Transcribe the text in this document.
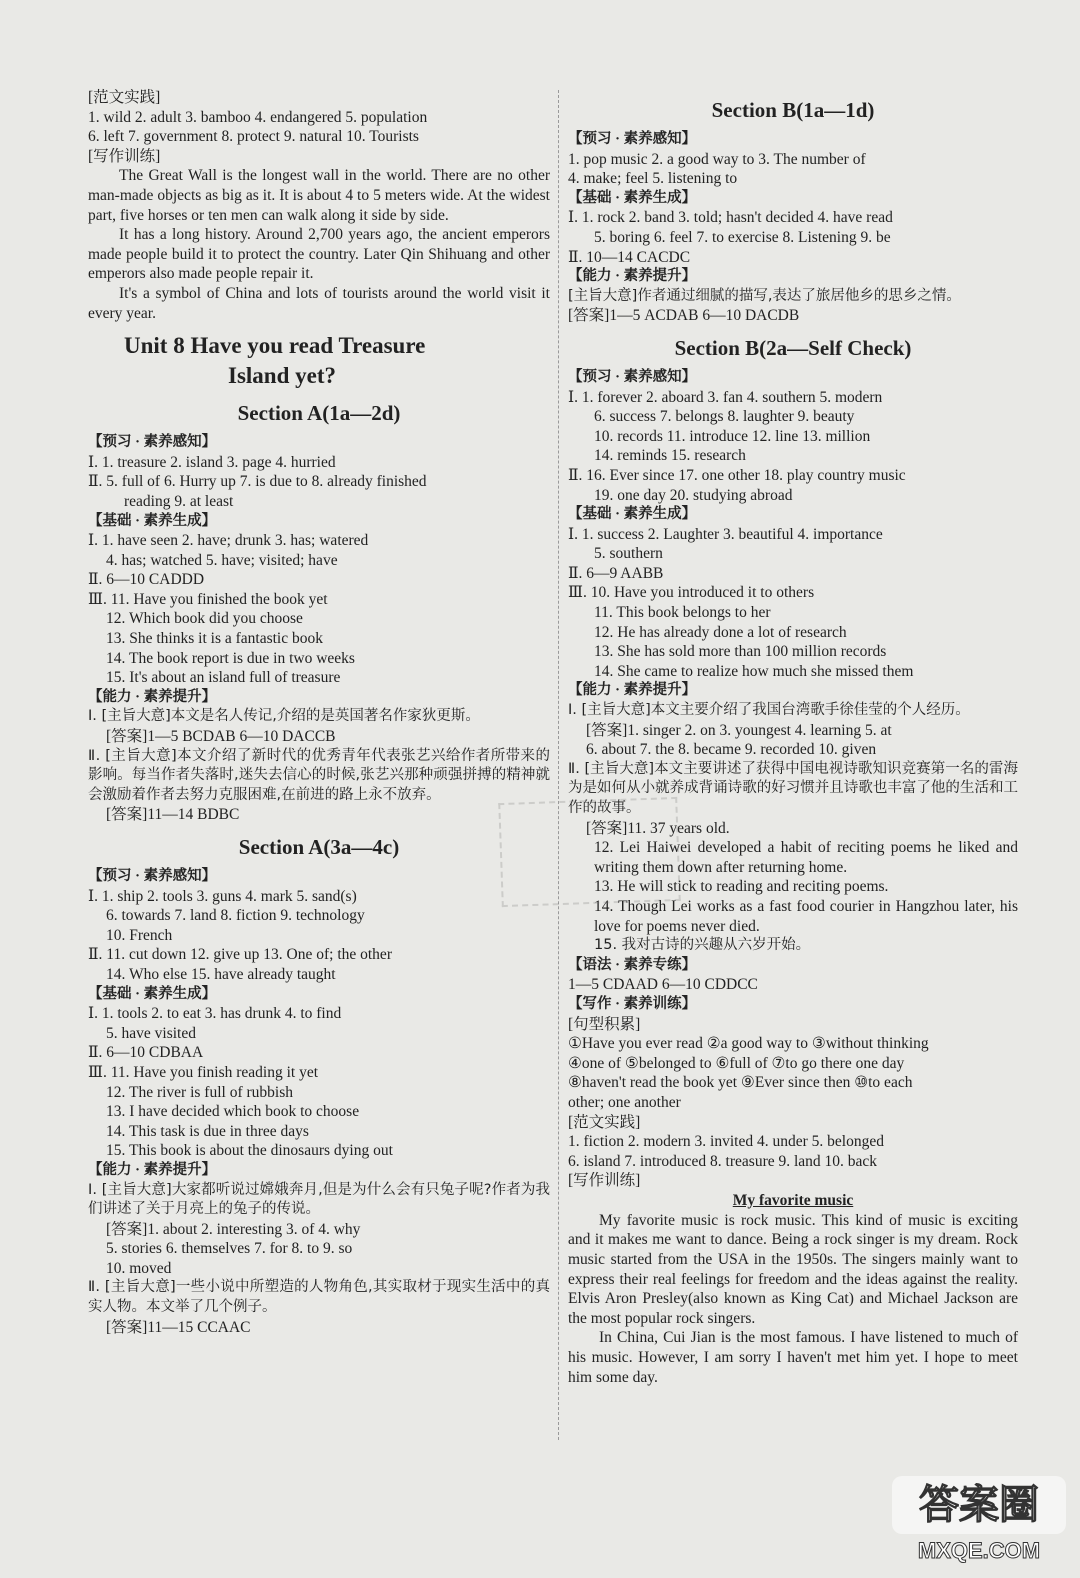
[范文实践]
1. wild 2. adult 3. bamboo 4. endangered 5. population
6. left 7. government 8. protect 9. natural 10. Tourists
[写作训练]
The Great Wall is the longest wall in the world. There are no other man-made objects as big as it. It is about 4 to 5 meters wide. At the widest part, five horses or ten men can walk along it side by side.
It has a long history. Around 2,700 years ago, the ancient emperors made people build it to protect the country. Later Qin Shihuang and other emperors also made people repair it.
It's a symbol of China and lots of tourists around the world visit it every year.
Unit 8 Have you read Treasure
Island yet?
Section A(1a—2d)
【预习 · 素养感知】
Ⅰ. 1. treasure 2. island 3. page 4. hurried
Ⅱ. 5. full of 6. Hurry up 7. is due to 8. already finished
reading 9. at least
【基础 · 素养生成】
Ⅰ. 1. have seen 2. have; drunk 3. has; watered
4. has; watched 5. have; visited; have
Ⅱ. 6—10 CADDD
Ⅲ. 11. Have you finished the book yet
12. Which book did you choose
13. She thinks it is a fantastic book
14. The book report is due in two weeks
15. It's about an island full of treasure
【能力 · 素养提升】
Ⅰ. [主旨大意]本文是名人传记,介绍的是英国著名作家狄更斯。
[答案]1—5 BCDAB 6—10 DACCB
Ⅱ. [主旨大意]本文介绍了新时代的优秀青年代表张艺兴给作者所带来的影响。每当作者失落时,迷失去信心的时候,张艺兴那种顽强拼搏的精神就会激励着作者去努力克服困难,在前进的路上永不放弃。
[答案]11—14 BDBC
Section A(3a—4c)
【预习 · 素养感知】
Ⅰ. 1. ship 2. tools 3. guns 4. mark 5. sand(s)
6. towards 7. land 8. fiction 9. technology
10. French
Ⅱ. 11. cut down 12. give up 13. One of; the other
14. Who else 15. have already taught
【基础 · 素养生成】
Ⅰ. 1. tools 2. to eat 3. has drunk 4. to find
5. have visited
Ⅱ. 6—10 CDBAA
Ⅲ. 11. Have you finish reading it yet
12. The river is full of rubbish
13. I have decided which book to choose
14. This task is due in three days
15. This book is about the dinosaurs dying out
【能力 · 素养提升】
Ⅰ. [主旨大意]大家都听说过嫦娥奔月,但是为什么会有只兔子呢?作者为我们讲述了关于月亮上的兔子的传说。
[答案]1. about 2. interesting 3. of 4. why
5. stories 6. themselves 7. for 8. to 9. so
10. moved
Ⅱ. [主旨大意]一些小说中所塑造的人物角色,其实取材于现实生活中的真实人物。本文举了几个例子。
[答案]11—15 CCAAC
Section B(1a—1d)
【预习 · 素养感知】
1. pop music 2. a good way to 3. The number of
4. make; feel 5. listening to
【基础 · 素养生成】
Ⅰ. 1. rock 2. band 3. told; hasn't decided 4. have read
5. boring 6. feel 7. to exercise 8. Listening 9. be
Ⅱ. 10—14 CACDC
【能力 · 素养提升】
[主旨大意]作者通过细腻的描写,表达了旅居他乡的思乡之情。
[答案]1—5 ACDAB 6—10 DACDB
Section B(2a—Self Check)
【预习 · 素养感知】
Ⅰ. 1. forever 2. aboard 3. fan 4. southern 5. modern
6. success 7. belongs 8. laughter 9. beauty
10. records 11. introduce 12. line 13. million
14. reminds 15. research
Ⅱ. 16. Ever since 17. one other 18. play country music
19. one day 20. studying abroad
【基础 · 素养生成】
Ⅰ. 1. success 2. Laughter 3. beautiful 4. importance
5. southern
Ⅱ. 6—9 AABB
Ⅲ. 10. Have you introduced it to others
11. This book belongs to her
12. He has already done a lot of research
13. She has sold more than 100 million records
14. She came to realize how much she missed them
【能力 · 素养提升】
Ⅰ. [主旨大意]本文主要介绍了我国台湾歌手徐佳莹的个人经历。
[答案]1. singer 2. on 3. youngest 4. learning 5. at
6. about 7. the 8. became 9. recorded 10. given
Ⅱ. [主旨大意]本文主要讲述了获得中国电视诗歌知识竞赛第一名的雷海为是如何从小就养成背诵诗歌的好习惯并且诗歌也丰富了他的生活和工作的故事。
[答案]11. 37 years old.
12. Lei Haiwei developed a habit of reciting poems he liked and writing them down after returning home.
13. He will stick to reading and reciting poems.
14. Though Lei works as a fast food courier in Hangzhou later, his love for poems never died.
15. 我对古诗的兴趣从六岁开始。
【语法 · 素养专练】
1—5 CDAAD 6—10 CDDCC
【写作 · 素养训练】
[句型积累]
①Have you ever read ②a good way to ③without thinking
④one of ⑤belonged to ⑥full of ⑦to go there one day
⑧haven't read the book yet ⑨Ever since then ⑩to each
other; one another
[范文实践]
1. fiction 2. modern 3. invited 4. under 5. belonged
6. island 7. introduced 8. treasure 9. land 10. back
[写作训练]
My favorite music
My favorite music is rock music. This kind of music is exciting and it makes me want to dance. Being a rock singer is my dream. Rock music started from the USA in the 1950s. The singers mainly want to express their real feelings for freedom and the ideas against the reality. Elvis Aron Presley(also known as King Cat) and Michael Jackson are the most popular rock singers.
In China, Cui Jian is the most famous. I have listened to much of his music. However, I am sorry I haven't met him yet. I hope to meet him some day.
答案圈
MXQE.COM
